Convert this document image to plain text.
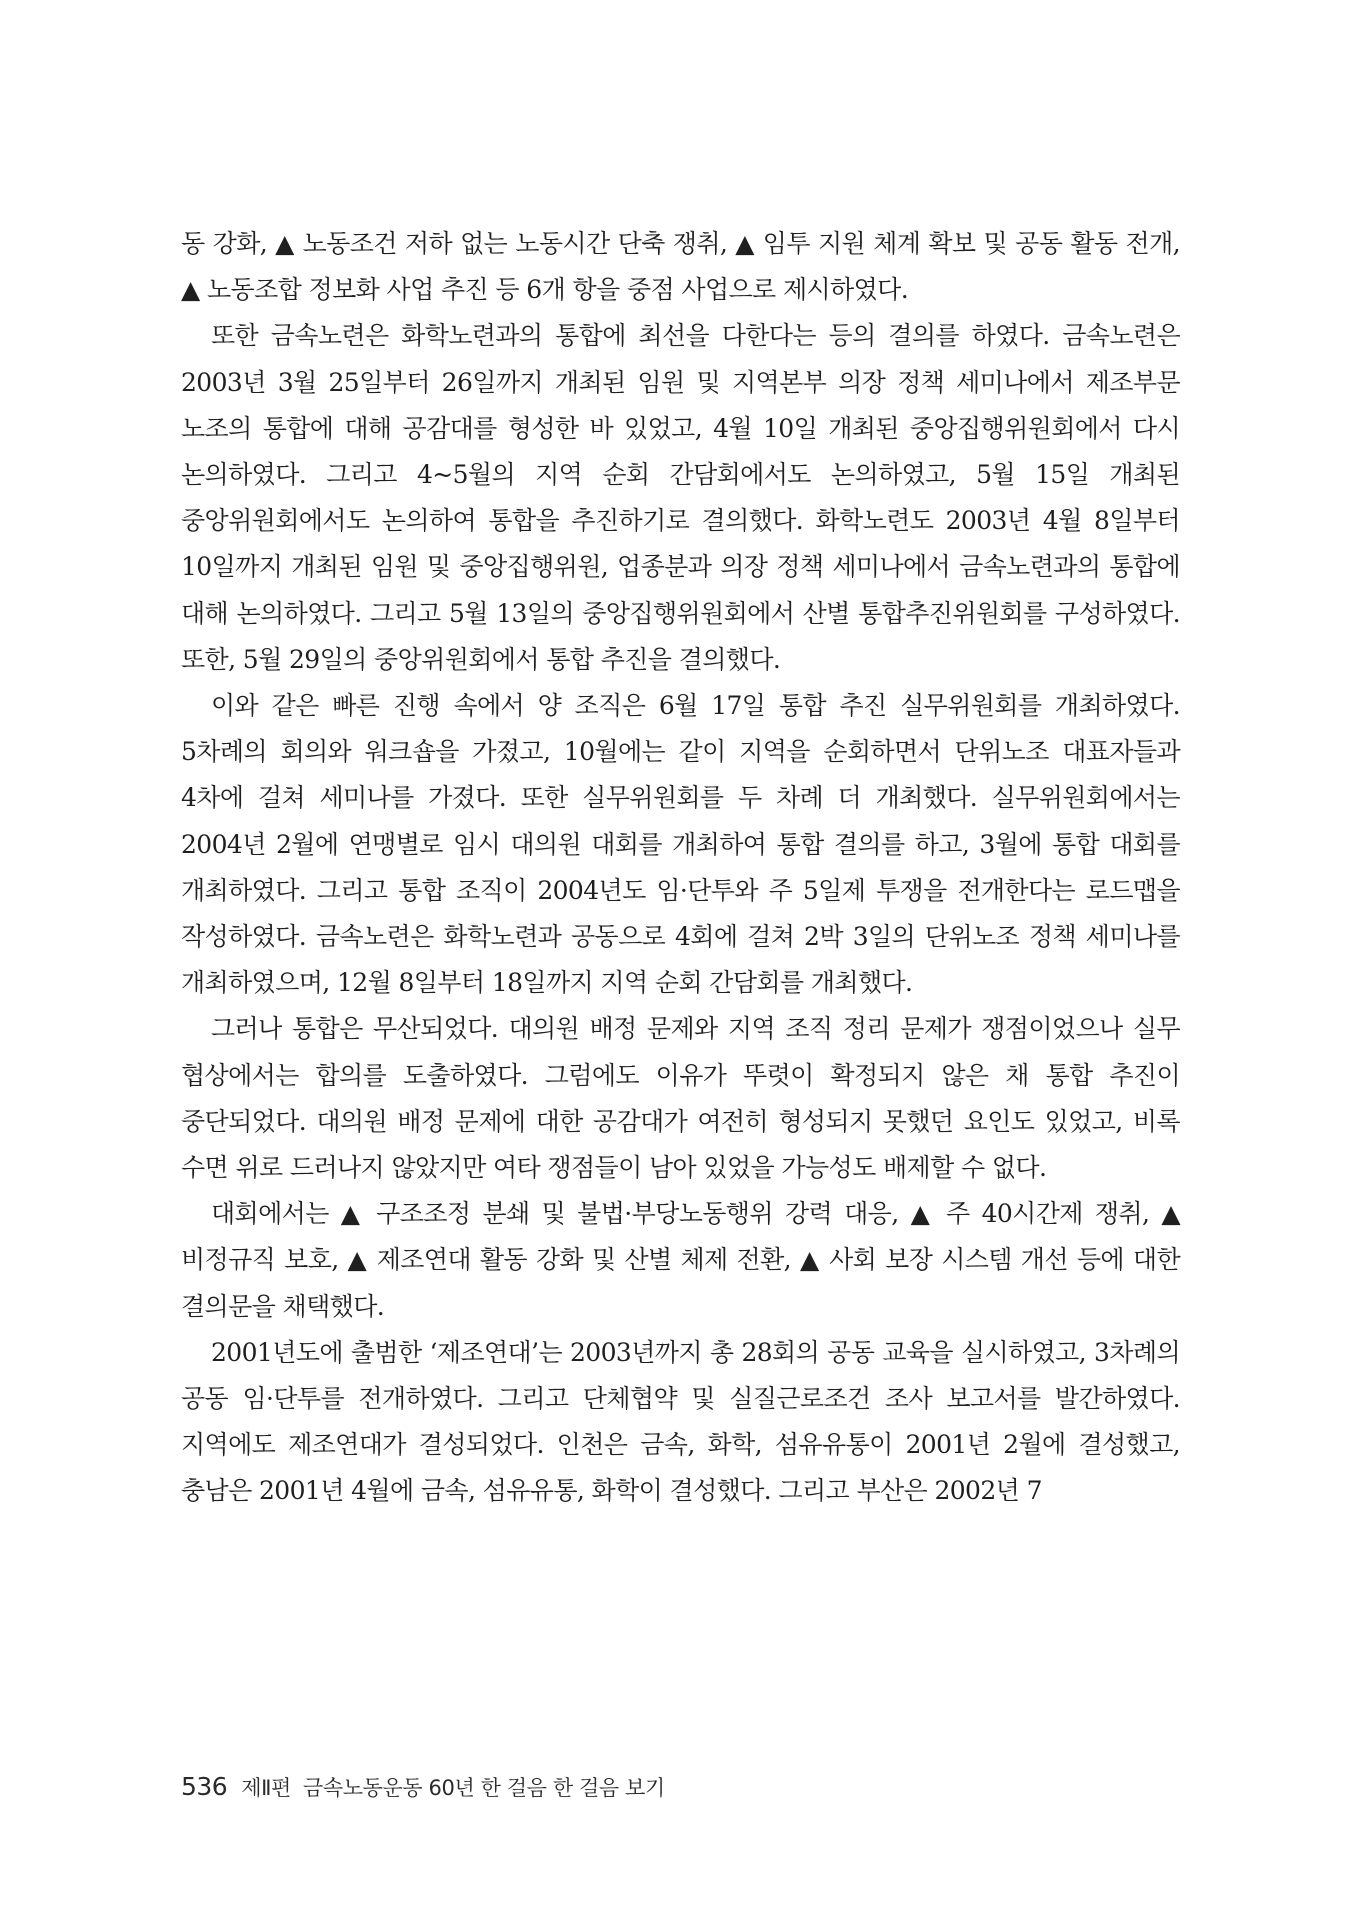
동 강화, ▲ 노동조건 저하 없는 노동시간 단축 쟁취, ▲ 임투 지원 체계 확보 및 공동 활동 전개, ▲ 노동조합 정보화 사업 추진 등 6개 항을 중점 사업으로 제시하였다.

또한 금속노련은 화학노련과의 통합에 최선을 다한다는 등의 결의를 하였다. 금속노련은 2003년 3월 25일부터 26일까지 개최된 임원 및 지역본부 의장 정책 세미나에서 제조부문 노조의 통합에 대해 공감대를 형성한 바 있었고, 4월 10일 개최된 중앙집행위원회에서 다시 논의하였다. 그리고 4~5월의 지역 순회 간담회에서도 논의하였고, 5월 15일 개최된 중앙위원회에서도 논의하여 통합을 추진하기로 결의했다. 화학노련도 2003년 4월 8일부터 10일까지 개최된 임원 및 중앙집행위원, 업종분과 의장 정책 세미나에서 금속노련과의 통합에 대해 논의하였다. 그리고 5월 13일의 중앙집행위원회에서 산별 통합추진위원회를 구성하였다. 또한, 5월 29일의 중앙위원회에서 통합 추진을 결의했다.

이와 같은 빠른 진행 속에서 양 조직은 6월 17일 통합 추진 실무위원회를 개최하였다. 5차례의 회의와 워크숍을 가졌고, 10월에는 같이 지역을 순회하면서 단위노조 대표자들과 4차에 걸쳐 세미나를 가졌다. 또한 실무위원회를 두 차례 더 개최했다. 실무위원회에서는 2004년 2월에 연맹별로 임시 대의원 대회를 개최하여 통합 결의를 하고, 3월에 통합 대회를 개최하였다. 그리고 통합 조직이 2004년도 임·단투와 주 5일제 투쟁을 전개한다는 로드맵을 작성하였다. 금속노련은 화학노련과 공동으로 4회에 걸쳐 2박 3일의 단위노조 정책 세미나를 개최하였으며, 12월 8일부터 18일까지 지역 순회 간담회를 개최했다.

그러나 통합은 무산되었다. 대의원 배정 문제와 지역 조직 정리 문제가 쟁점이었으나 실무 협상에서는 합의를 도출하였다. 그럼에도 이유가 뚜렷이 확정되지 않은 채 통합 추진이 중단되었다. 대의원 배정 문제에 대한 공감대가 여전히 형성되지 못했던 요인도 있었고, 비록 수면 위로 드러나지 않았지만 여타 쟁점들이 남아 있었을 가능성도 배제할 수 없다.

대회에서는 ▲ 구조조정 분쇄 및 불법·부당노동행위 강력 대응, ▲ 주 40시간제 쟁취, ▲ 비정규직 보호, ▲ 제조연대 활동 강화 및 산별 체제 전환, ▲ 사회 보장 시스템 개선 등에 대한 결의문을 채택했다.

2001년도에 출범한 ‘제조연대’는 2003년까지 총 28회의 공동 교육을 실시하였고, 3차례의 공동 임·단투를 전개하였다. 그리고 단체협약 및 실질근로조건 조사 보고서를 발간하였다. 지역에도 제조연대가 결성되었다. 인천은 금속, 화학, 섬유유통이 2001년 2월에 결성했고, 충남은 2001년 4월에 금속, 섬유유통, 화학이 결성했다. 그리고 부산은 2002년 7

536 제Ⅱ편 금속노동운동 60년 한 걸음 한 걸음 보기
